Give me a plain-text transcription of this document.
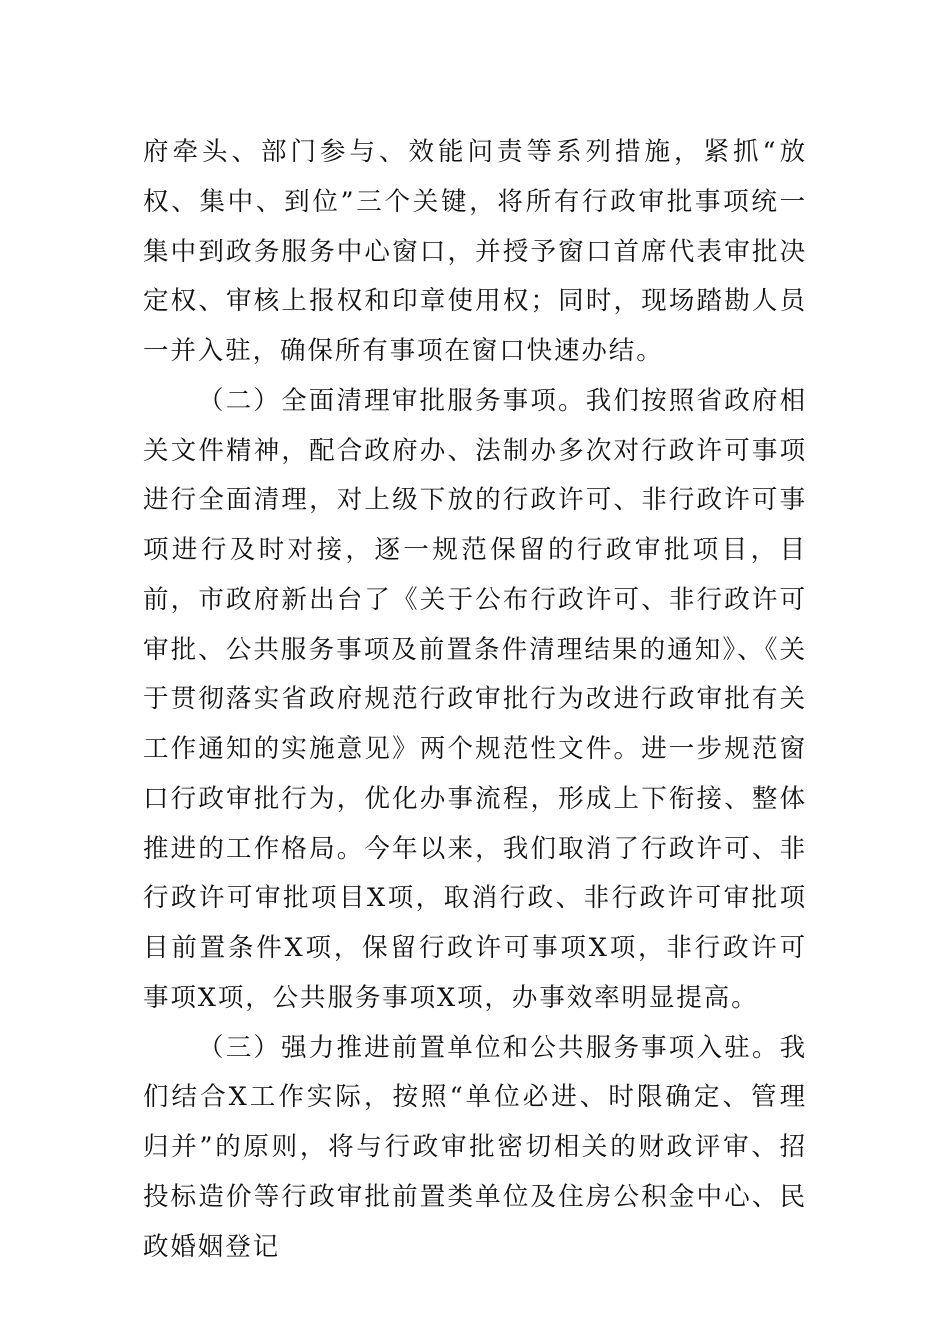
府牵头、部门参与、效能问责等系列措施，紧抓“放权、集中、到位”三个关键，将所有行政审批事项统一集中到政务服务中心窗口，并授予窗口首席代表审批决定权、审核上报权和印章使用权；同时，现场踏勘人员一并入驻，确保所有事项在窗口快速办结。

（二）全面清理审批服务事项。我们按照省政府相关文件精神，配合政府办、法制办多次对行政许可事项进行全面清理，对上级下放的行政许可、非行政许可事项进行及时对接，逐一规范保留的行政审批项目，目前，市政府新出台了《关于公布行政许可、非行政许可审批、公共服务事项及前置条件清理结果的通知》、《关于贯彻落实省政府规范行政审批行为改进行政审批有关工作通知的实施意见》两个规范性文件。进一步规范窗口行政审批行为，优化办事流程，形成上下衔接、整体推进的工作格局。今年以来，我们取消了行政许可、非行政许可审批项目X项，取消行政、非行政许可审批项目前置条件X项，保留行政许可事项X项，非行政许可事项X项，公共服务事项X项，办事效率明显提高。

（三）强力推进前置单位和公共服务事项入驻。我们结合X工作实际，按照“单位必进、时限确定、管理归并”的原则，将与行政审批密切相关的财政评审、招投标造价等行政审批前置类单位及住房公积金中心、民政婚姻登记
